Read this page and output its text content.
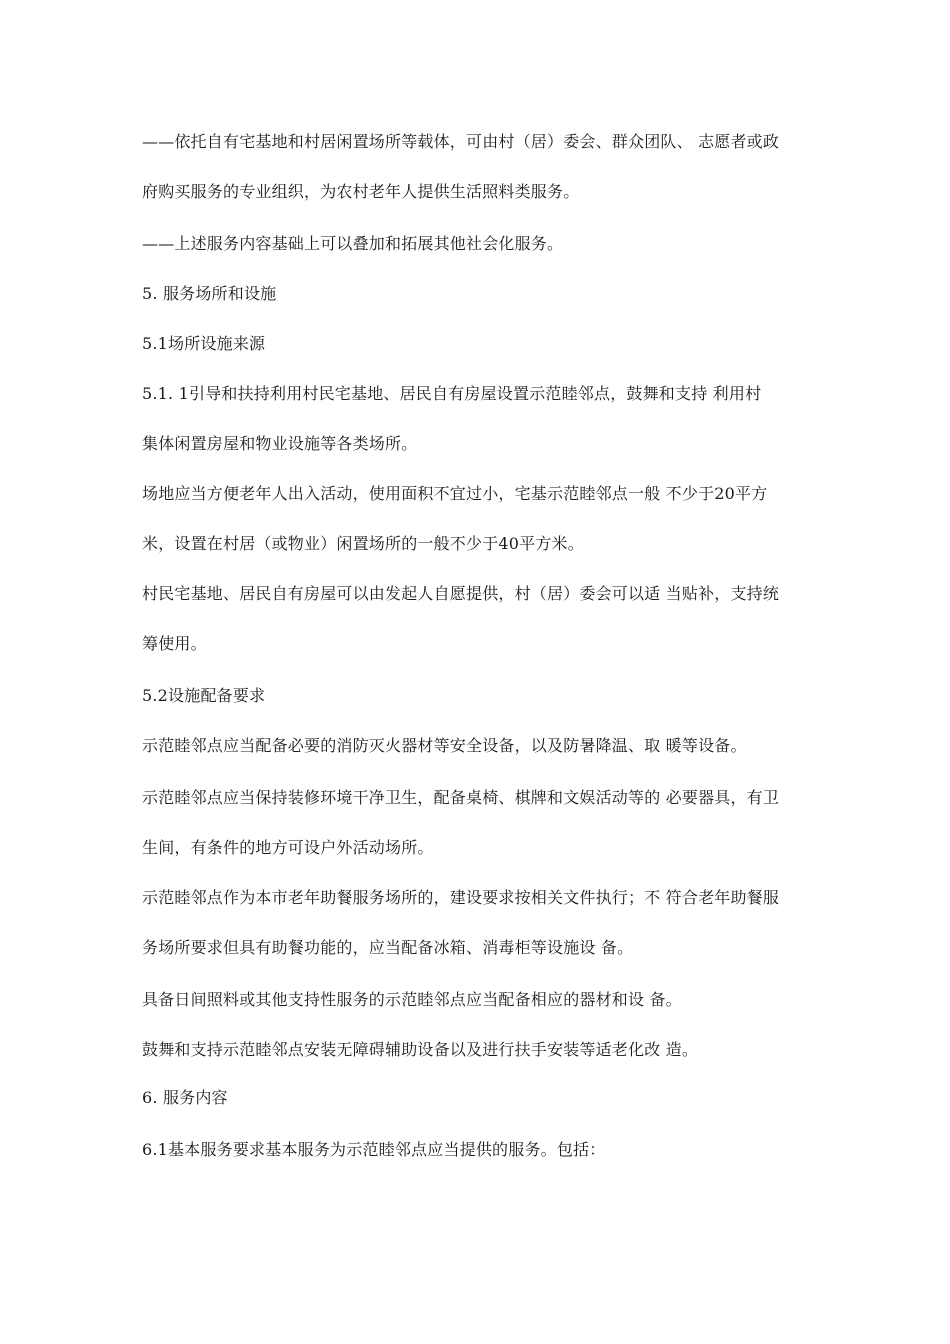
——依托自有宅基地和村居闲置场所等载体，可由村（居）委会、群众团队、 志愿者或政
府购买服务的专业组织，为农村老年人提供生活照料类服务。
——上述服务内容基础上可以叠加和拓展其他社会化服务。
5. 服务场所和设施
5.1场所设施来源
5.1. 1引导和扶持利用村民宅基地、居民自有房屋设置示范睦邻点，鼓舞和支持 利用村
集体闲置房屋和物业设施等各类场所。
场地应当方便老年人出入活动，使用面积不宜过小，宅基示范睦邻点一般 不少于20平方
米，设置在村居（或物业）闲置场所的一般不少于40平方米。
村民宅基地、居民自有房屋可以由发起人自愿提供，村（居）委会可以适 当贴补，支持统
筹使用。
5.2设施配备要求
示范睦邻点应当配备必要的消防灭火器材等安全设备，以及防暑降温、取 暖等设备。
示范睦邻点应当保持装修环境干净卫生，配备桌椅、棋牌和文娱活动等的 必要器具，有卫
生间，有条件的地方可设户外活动场所。
示范睦邻点作为本市老年助餐服务场所的，建设要求按相关文件执行；不 符合老年助餐服
务场所要求但具有助餐功能的，应当配备冰箱、消毒柜等设施设 备。
具备日间照料或其他支持性服务的示范睦邻点应当配备相应的器材和设 备。
鼓舞和支持示范睦邻点安装无障碍辅助设备以及进行扶手安装等适老化改 造。
6. 服务内容
6.1基本服务要求基本服务为示范睦邻点应当提供的服务。包括：
